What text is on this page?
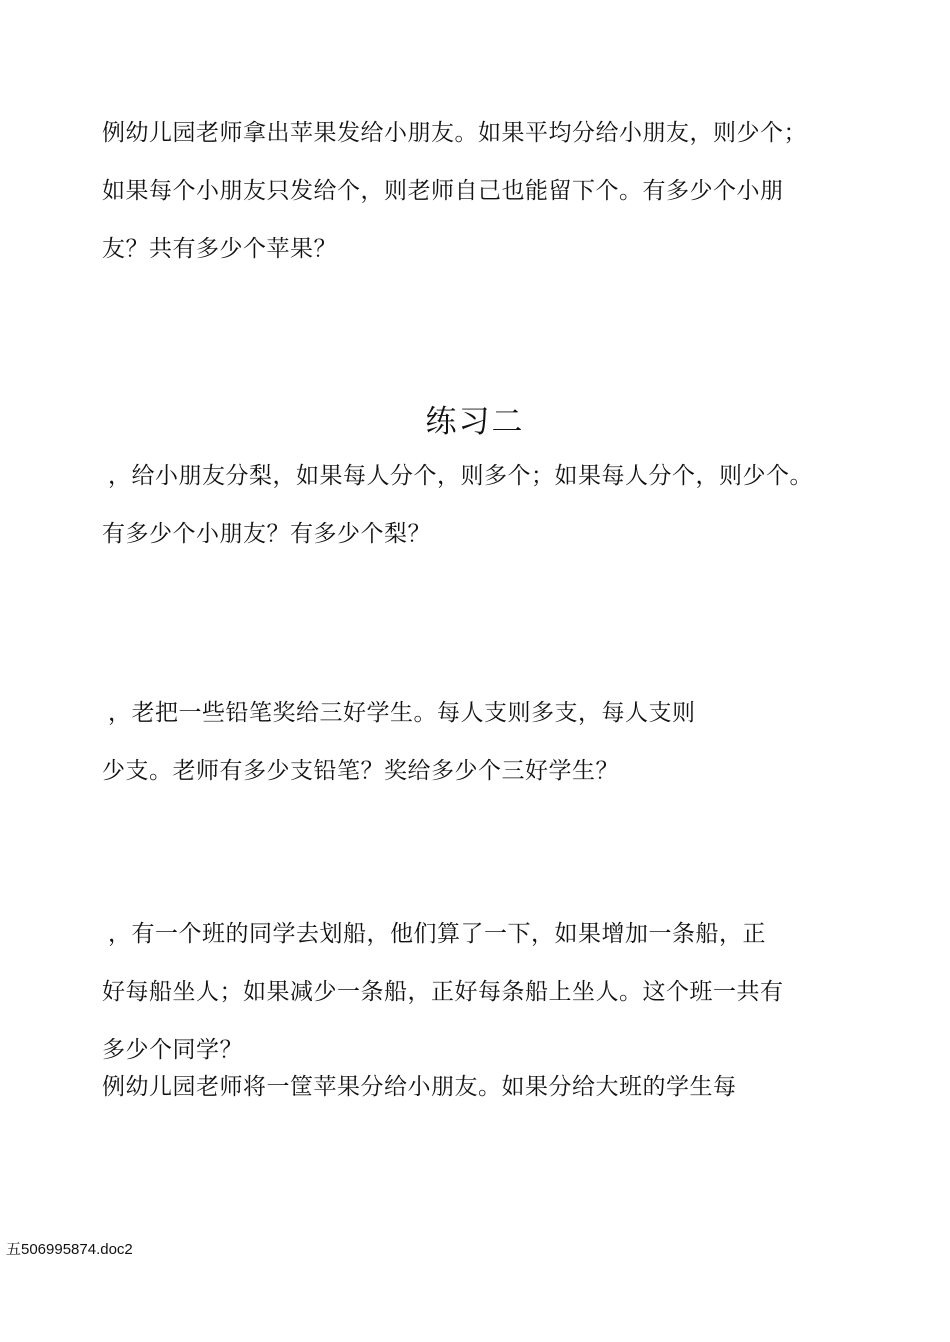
例幼儿园老师拿出苹果发给小朋友。如果平均分给小朋友，则少个；
如果每个小朋友只发给个，则老师自己也能留下个。有多少个小朋
友？共有多少个苹果？
练习二
，给小朋友分梨，如果每人分个，则多个；如果每人分个，则少个。
有多少个小朋友？有多少个梨？
，老把一些铅笔奖给三好学生。每人支则多支，每人支则
少支。老师有多少支铅笔？奖给多少个三好学生？
，有一个班的同学去划船，他们算了一下，如果增加一条船，正
好每船坐人；如果减少一条船，正好每条船上坐人。这个班一共有
多少个同学？
例幼儿园老师将一筐苹果分给小朋友。如果分给大班的学生每
五506995874.doc2
